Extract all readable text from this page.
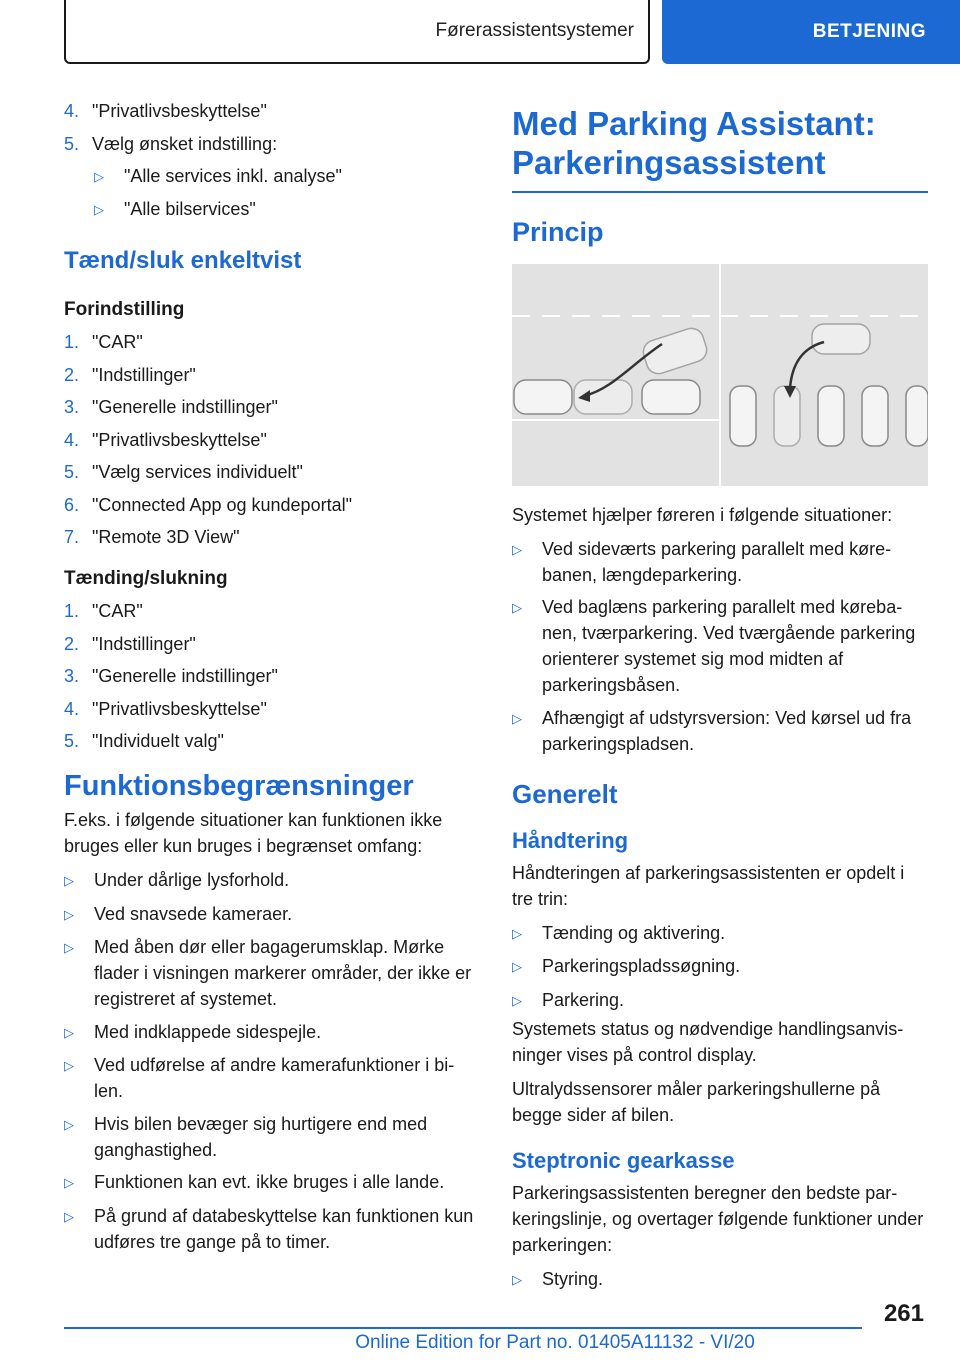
Førerassistentsystemer	BETJENING
4. "Privatlivsbeskyttelse"
5. Vælg ønsket indstilling:
▷	"Alle services inkl. analyse"
▷	"Alle bilservices"
Tænd/sluk enkeltvist
Forindstilling
1. "CAR"
2. "Indstillinger"
3. "Generelle indstillinger"
4. "Privatlivsbeskyttelse"
5. "Vælg services individuelt"
6. "Connected App og kundeportal"
7. "Remote 3D View"
Tænding/slukning
1. "CAR"
2. "Indstillinger"
3. "Generelle indstillinger"
4. "Privatlivsbeskyttelse"
5. "Individuelt valg"
Funktionsbegrænsninger

F.eks. i følgende situationer kan funktionen ikke bruges eller kun bruges i begrænset omfang:

▷	Under dårlige lysforhold.
▷	Ved snavsede kameraer.
▷	Med åben dør eller bagagerumsklap. Mørke flader i visningen markerer områder, der ikke er registreret af systemet.
▷	Med indklappede sidespejle.
▷	Ved udførelse af andre kamerafunktioner i bilen.
▷	Hvis bilen bevæger sig hurtigere end med ganghastighed.
▷	Funktionen kan evt. ikke bruges i alle lande.
▷	På grund af databeskyttelse kan funktionen kun udføres tre gange på to timer.
Med Parking Assistant:
Parkeringsassistent
Princip

Systemet hjælper føreren i følgende situationer:

▷	Ved sideværts parkering parallelt med kørebanen, længdeparkering.
▷	Ved baglæns parkering parallelt med kørebanen, tværparkering. Ved tværgående parkering orienterer systemet sig mod midten af parkeringsbåsen.
▷	Afhængigt af udstyrsversion: Ved kørsel ud fra parkeringspladsen.
Generelt
Håndtering

Håndteringen af parkeringsassistenten er opdelt i tre trin:

▷	Tænding og aktivering.
▷	Parkeringspladssøgning.
▷	Parkering.

Systemets status og nødvendige handlingsanvisninger vises på control display.

Ultralydssensorer måler parkeringshullerne på begge sider af bilen.

Steptronic gearkasse

Parkeringsassistenten beregner den bedste parkeringslinje, og overtager følgende funktioner under parkeringen:

▷	Styring.
261
Online Edition for Part no. 01405A11132 - VI/20
